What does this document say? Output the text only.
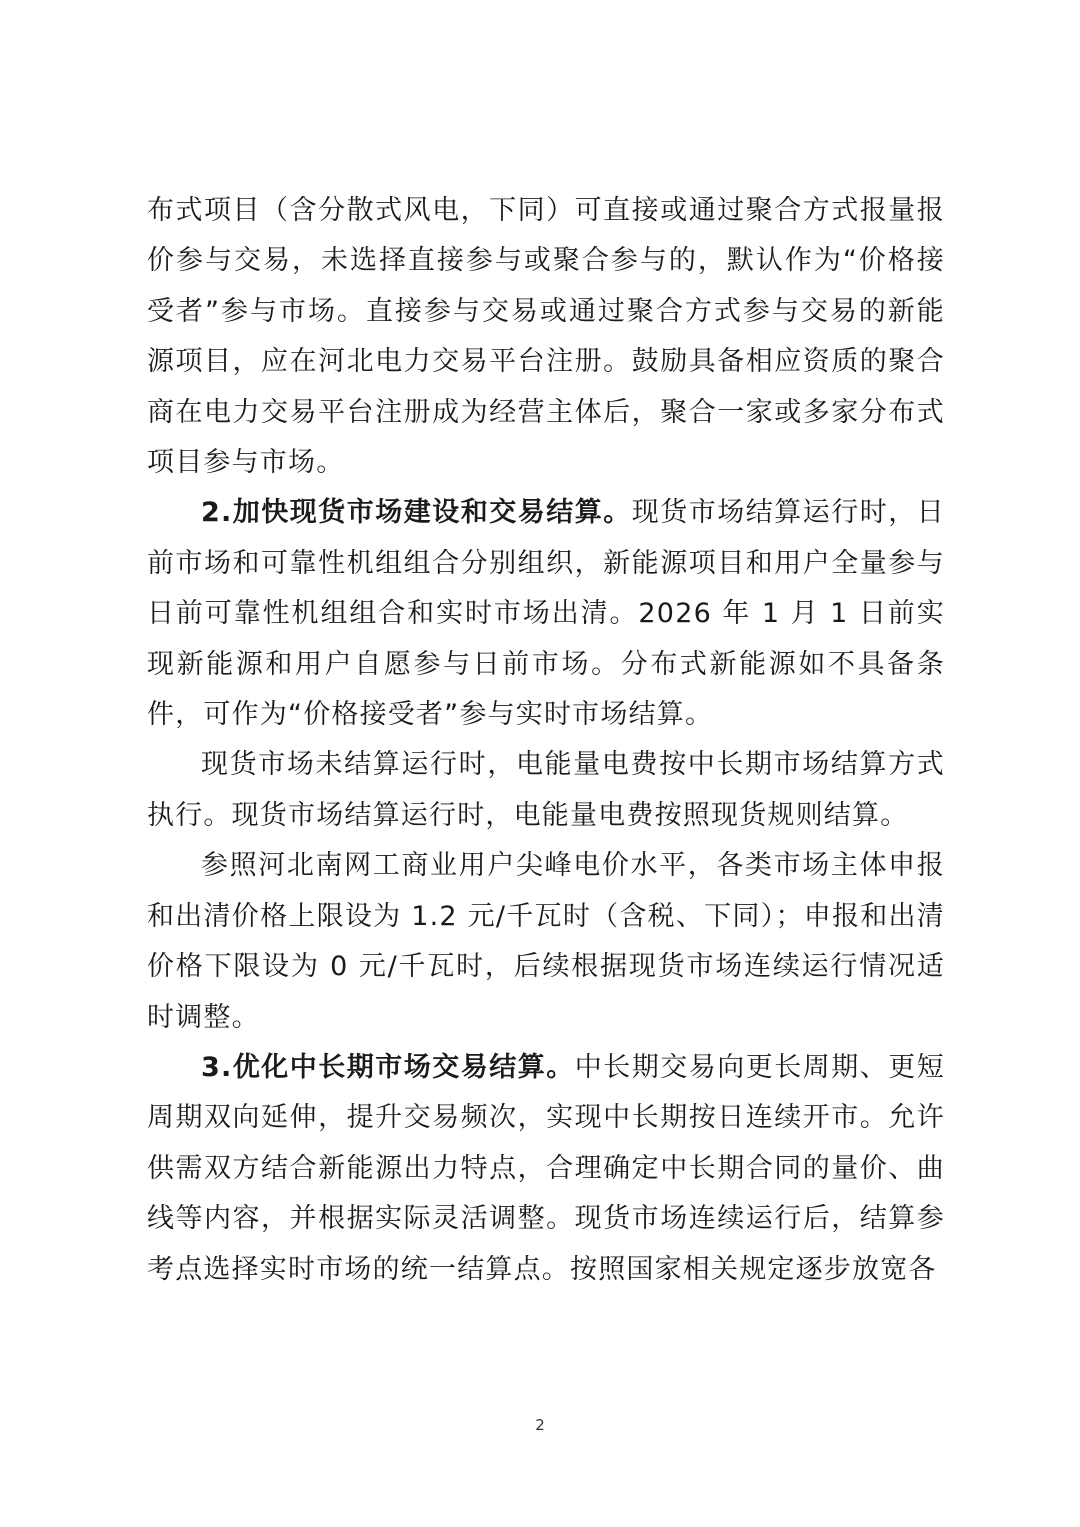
布式项目（含分散式风电，下同）可直接或通过聚合方式报量报价参与交易，未选择直接参与或聚合参与的，默认作为“价格接受者”参与市场。直接参与交易或通过聚合方式参与交易的新能源项目，应在河北电力交易平台注册。鼓励具备相应资质的聚合商在电力交易平台注册成为经营主体后，聚合一家或多家分布式项目参与市场。

2.加快现货市场建设和交易结算。现货市场结算运行时，日前市场和可靠性机组组合分别组织，新能源项目和用户全量参与日前可靠性机组组合和实时市场出清。2026 年 1 月 1 日前实现新能源和用户自愿参与日前市场。分布式新能源如不具备条件，可作为“价格接受者”参与实时市场结算。

现货市场未结算运行时，电能量电费按中长期市场结算方式执行。现货市场结算运行时，电能量电费按照现货规则结算。

参照河北南网工商业用户尖峰电价水平，各类市场主体申报和出清价格上限设为 1.2 元/千瓦时（含税、下同）；申报和出清价格下限设为 0 元/千瓦时，后续根据现货市场连续运行情况适时调整。

3.优化中长期市场交易结算。中长期交易向更长周期、更短周期双向延伸，提升交易频次，实现中长期按日连续开市。允许供需双方结合新能源出力特点，合理确定中长期合同的量价、曲线等内容，并根据实际灵活调整。现货市场连续运行后，结算参考点选择实时市场的统一结算点。按照国家相关规定逐步放宽各

2
